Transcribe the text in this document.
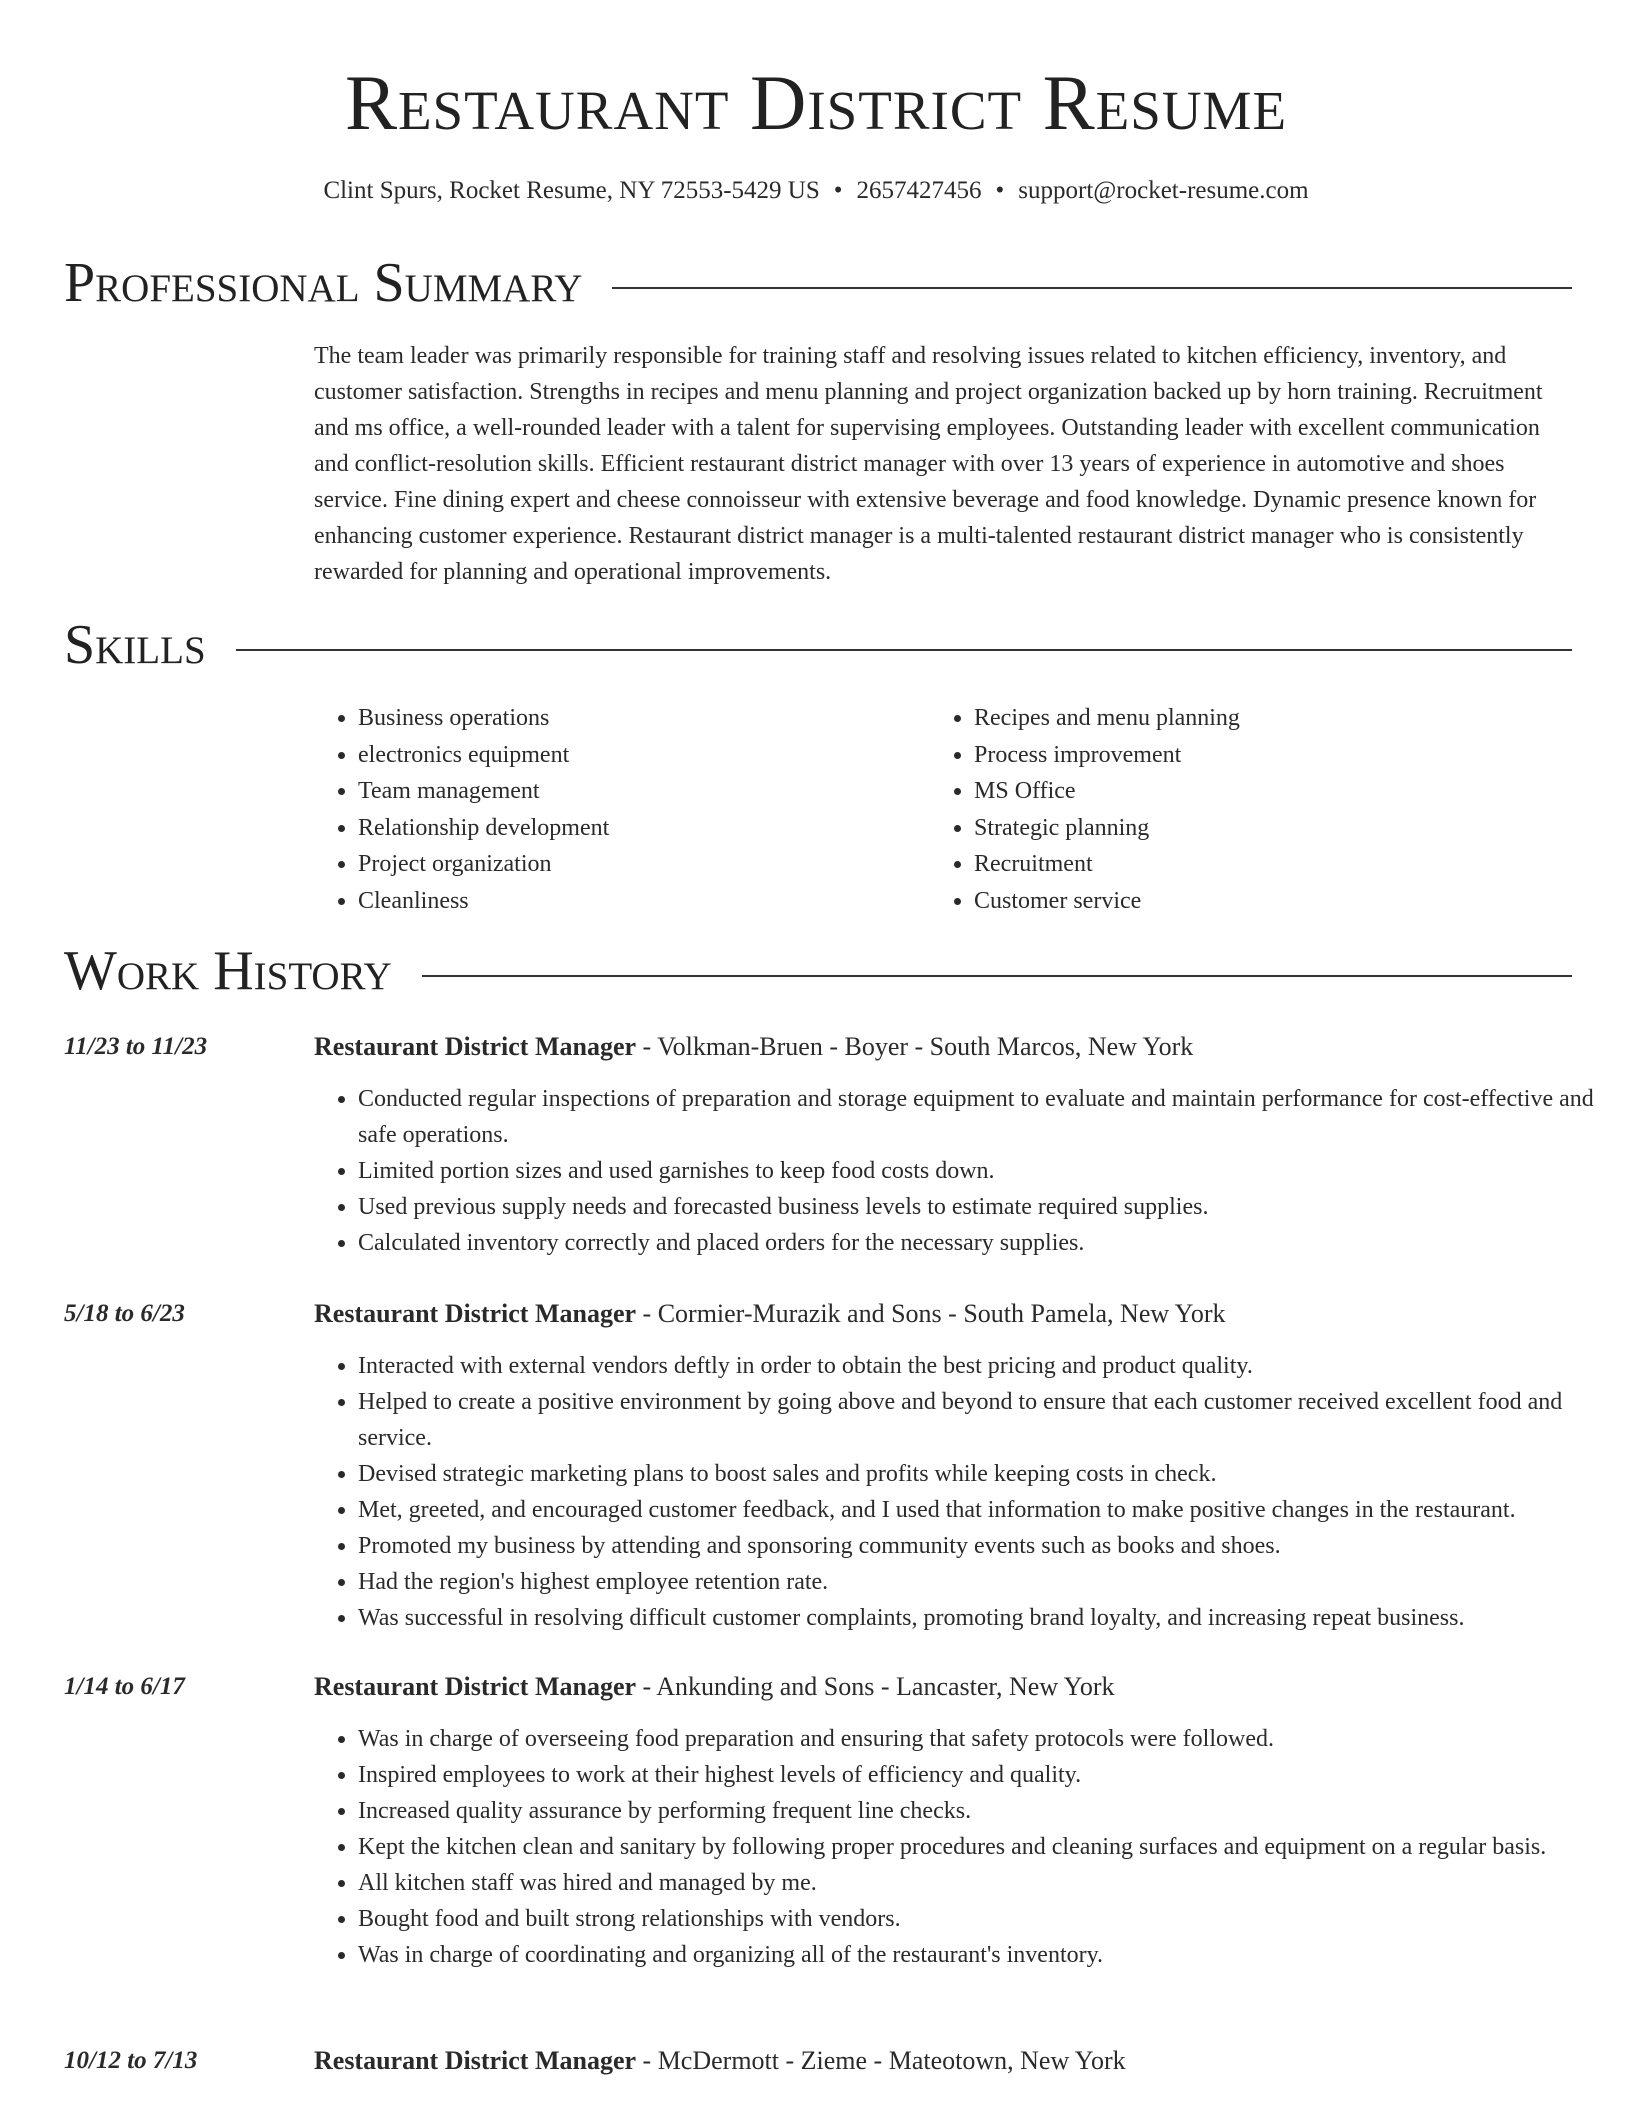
Restaurant District Resume
Clint Spurs, Rocket Resume, NY 72553-5429 US • 2657427456 • support@rocket-resume.com
Professional Summary

The team leader was primarily responsible for training staff and resolving issues related to kitchen efficiency, inventory, and customer satisfaction. Strengths in recipes and menu planning and project organization backed up by horn training. Recruitment and ms office, a well-rounded leader with a talent for supervising employees. Outstanding leader with excellent communication and conflict-resolution skills. Efficient restaurant district manager with over 13 years of experience in automotive and shoes service. Fine dining expert and cheese connoisseur with extensive beverage and food knowledge. Dynamic presence known for enhancing customer experience. Restaurant district manager is a multi-talented restaurant district manager who is consistently rewarded for planning and operational improvements.

Skills
• Business operations
• electronics equipment
• Team management
• Relationship development
• Project organization
• Cleanliness
• Recipes and menu planning
• Process improvement
• MS Office
• Strategic planning
• Recruitment
• Customer service
Work History
11/23 to 11/23	Restaurant District Manager - Volkman-Bruen - Boyer - South Marcos, New York
• Conducted regular inspections of preparation and storage equipment to evaluate and maintain performance for cost-effective and safe operations.
• Limited portion sizes and used garnishes to keep food costs down.
• Used previous supply needs and forecasted business levels to estimate required supplies.
• Calculated inventory correctly and placed orders for the necessary supplies.
5/18 to 6/23	Restaurant District Manager - Cormier-Murazik and Sons - South Pamela, New York
• Interacted with external vendors deftly in order to obtain the best pricing and product quality.
• Helped to create a positive environment by going above and beyond to ensure that each customer received excellent food and service.
• Devised strategic marketing plans to boost sales and profits while keeping costs in check.
• Met, greeted, and encouraged customer feedback, and I used that information to make positive changes in the restaurant.
• Promoted my business by attending and sponsoring community events such as books and shoes.
• Had the region's highest employee retention rate.
• Was successful in resolving difficult customer complaints, promoting brand loyalty, and increasing repeat business.
1/14 to 6/17	Restaurant District Manager - Ankunding and Sons - Lancaster, New York
• Was in charge of overseeing food preparation and ensuring that safety protocols were followed.
• Inspired employees to work at their highest levels of efficiency and quality.
• Increased quality assurance by performing frequent line checks.
• Kept the kitchen clean and sanitary by following proper procedures and cleaning surfaces and equipment on a regular basis.
• All kitchen staff was hired and managed by me.
• Bought food and built strong relationships with vendors.
• Was in charge of coordinating and organizing all of the restaurant's inventory.
10/12 to 7/13	Restaurant District Manager - McDermott - Zieme - Mateotown, New York
